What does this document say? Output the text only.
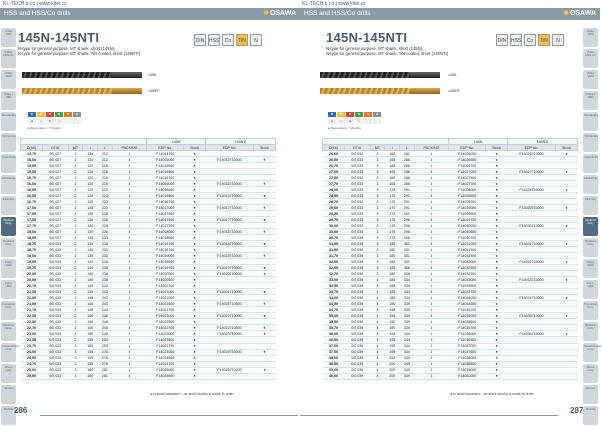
KL-TECH s.r.o | www.kltei.cz
HSS and HSS/Co drills	✸OSAWA
Vrtáky HSS
Vrtáky HSS-Co
Vrtáky VHM
Vrtáky s VBD
Navrtáváky
Výhrubníky
Výstružníky
Záhlubníky
Závitníky
Závitové frézy
Stopkové frézy
Frézy VHM
Frézy HSS
Kotoučové frézy
Nástrčné frézy
Soustružnické nože
Pilové pásy
Upínání
Měřidla
145N-145NTI
N-type for general purpose, MT shank, short (145N),
N-type for general purpose, MT shank, TiN coated, short (145NTI)
DIN HSS	Co	TiN	N
145N
145NTI
P	M	K	N	S	H
●	○	●	○
● Doporučeno ○ Vhodné
						145N		145NTI	
D(h8)	DT/A	MT	l	L	PACKING	EDP No.	Stock	EDP No.	Stock
14,70	0/0,027	2	134	212	1	F14014700	●		
15,00	0/0,027	2	134	212	1	F14015000	●	F14014710000	●
15,50	0/0,027	2	120	218	1	F14015500	●		
15,50	0/0,027	2	120	218	1	F14015500	●		
15,70	0/0,027	2	120	218	1	F14015700	●		
16,00	0/0,027	2	120	218	1	F14016000	●	F14016710000	●
16,50	0/0,027	2	120	223	1	F14016500	●		
16,50	0/0,027	2	125	223	1	F14016500	●	F14016710500	●
16,70	0/0,027	2	125	223	1	F14016700	●		
17,00	0/0,027	2	125	223	1	F14017000	●	F14017710000	●
17,50	0/0,027	2	130	228	1	F14017500	●		
17,50	0/0,027	2	130	228	1	F14017500	●	F14017710500	●
17,70	0/0,027	2	130	228	1	F14017700	●		
18,00	0/0,027	2	130	228	1	F14018000	●	F14018710000	●
18,50	0/0,027	2	135	233	1	F14018500	●		
18,70	0/0,033	2	135	233	1	F14018700	●	F14018710500	●
18,70	0/0,033	2	135	233	1	F14018700	●		
19,00	0/0,033	2	135	233	1	F14019000	●	F14019710000	●
19,50	0/0,033	2	140	238	1	F14019500	●		
19,70	0/0,033	2	140	238	1	F14019700	●	F14019710500	●
20,00	0/0,033	2	140	238	1	F14020000	●	F14020710000	●
20,50	0/0,033	2	140	238	1	F14020500	●		
20,70	0/0,033	2	145	243	1	F14020700	●		
21,00	0/0,033	2	145	243	1	F14021000	●	F14021710000	●
21,00	0/0,033	2	145	243	1	F14021000	●		
21,50	0/0,033	2	145	243	1	F14021500	●	F14021710500	●
21,70	0/0,033	2	145	243	1	F14021700	●		
22,00	0/0,033	2	150	248	1	F14022000	●	F14022710000	●
22,50	0/0,033	2	150	248	1	F14022500	●		
22,70	0/0,033	2	150	248	1	F14022700	●	F14022710500	●
23,00	0/0,033	2	150	248	1	F14023000	●	F14023710000	●
23,50	0/0,033	2	155	253	1	F14023500	●		
23,70	0/0,033	2	155	253	1	F14023700	●		
24,00	0/0,033	3	155	276	1	F14024000	●	F14024710000	●
24,50	0/0,033	3	155	276	1	F14024500	●		
24,70	0/0,033	3	155	276	1	F14024700	●		
25,00	0/0,033	3	160	281	1	F14025000	●	F14025710000	●
25,50	0/0,033	3	160	281	1	F14025500	●		
● in stock standard ○ on stock shortly ● made to order
286
KL-TECH s.r.o | www.kltei.cz
HSS and HSS/Co drills	✸OSAWA
Vrtáky HSS
Vrtáky HSS-Co
Vrtáky VHM
Vrtáky s VBD
Navrtáváky
Výhrubníky
Výstružníky
Záhlubníky
Závitníky
Závitové frézy
Stopkové frézy
Frézy VHM
Frézy HSS
Kotoučové frézy
Nástrčné frézy
Soustružnické nože
Pilové pásy
Upínání
Měřidla
145N-145NTI
N-type for general purpose, MT shank, short (145N),
N-type for general purpose, MT shank, TiN coated, short (145NTI)
DIN HSS	Co	TiN	N
145N
145NTI
P	M	K	N	S	H
●	○	●	○
● Doporučeno ○ Vhodné
						145N		145NTI	
D(h8)	DT/A	MT	l	L	PACKING	EDP No.	Stock	EDP No.	Stock
26,00	0/0,033	3	160	281	1	F14026000	●	F14026710000	●
26,50	0/0,033	3	165	286	1	F14026500	●		
26,70	0/0,033	3	165	286	1	F14026700	●		
27,00	0/0,033	3	165	286	1	F14027000	●	F14027710000	●
27,50	0/0,033	3	165	286	1	F14027500	●		
27,70	0/0,033	3	165	286	1	F14027700	●		
28,00	0/0,033	3	170	291	1	F14028000	●	F14028710000	●
28,50	0/0,033	3	170	291	1	F14028500	●		
28,70	0/0,033	3	170	291	1	F14028700	●		
29,00	0/0,033	3	170	291	1	F14029000	●	F14029710000	●
29,50	0/0,033	3	170	291	1	F14029500	●		
29,70	0/0,033	3	175	296	1	F14029700	●		
30,00	0/0,033	3	175	296	1	F14030000	●	F14030710000	●
30,50	0/0,039	3	175	296	1	F14030500	●		
30,70	0/0,039	3	175	296	1	F14030700	●		
31,00	0/0,039	3	180	301	1	F14031000	●	F14031710000	●
31,50	0/0,039	3	180	301	1	F14031500	●		
31,70	0/0,039	3	180	301	1	F14031700	●		
32,00	0/0,039	3	180	301	1	F14032000	●	F14032710000	●
32,50	0/0,039	3	185	306	1	F14032500	●		
32,70	0/0,039	3	185	306	1	F14032700	●		
33,00	0/0,039	4	185	334	1	F14033000	●	F14033710000	●
33,50	0/0,039	4	185	334	1	F14033500	●		
33,70	0/0,039	4	185	334	1	F14033700	●		
34,00	0/0,039	4	185	334	1	F14034000	●	F14034710000	●
34,50	0/0,039	4	190	339	1	F14034500	●		
34,70	0/0,039	4	190	339	1	F14034700	●		
35,00	0/0,039	4	190	339	1	F14035000	●	F14035710000	●
35,50	0/0,039	4	190	339	1	F14035500	●		
35,70	0/0,039	4	190	339	1	F14035700	●		
36,00	0/0,039	4	195	344	1	F14036000	●	F14036710000	●
36,50	0/0,039	4	195	344	1	F14036500	●		
37,00	0/0,039	4	195	344	1	F14037000	●		
37,50	0/0,039	4	195	344	1	F14037500	●		
38,00	0/0,039	4	200	349	1	F14038000	●		
38,50	0/0,039	4	200	349	1	F14038500	●		
39,00	0/0,039	4	200	349	1	F14039000	●		
40,00	0/0,039	4	200	349	1	F14040000	●		
● in stock standard ○ on stock shortly ● made to order
287
